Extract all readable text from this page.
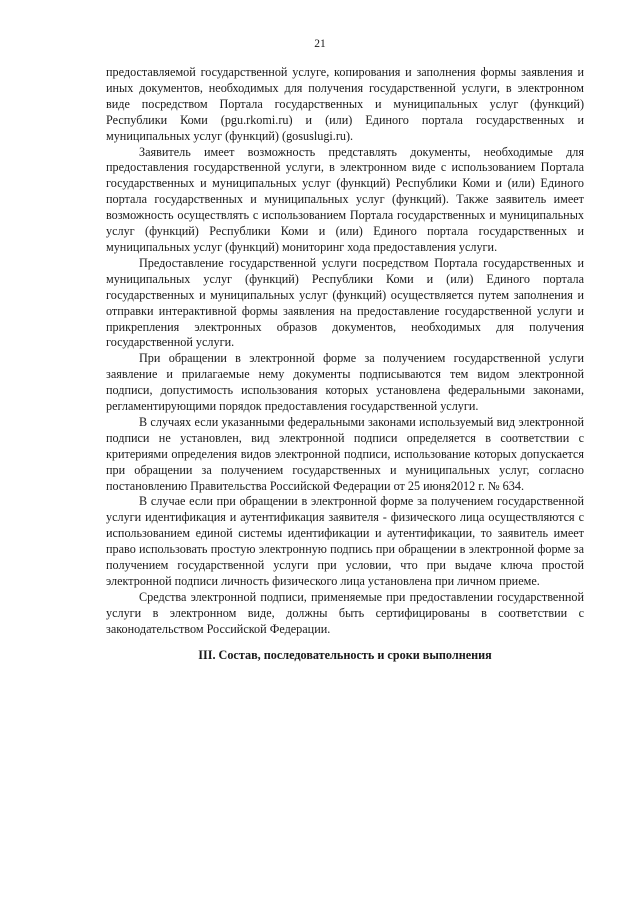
21

предоставляемой государственной услуге, копирования и заполнения формы заявления и иных документов, необходимых для получения государственной услуги, в электронном виде посредством Портала государственных и муниципальных услуг (функций) Республики Коми (pgu.rkomi.ru) и (или) Единого портала государственных и муниципальных услуг (функций) (gosuslugi.ru).

Заявитель имеет возможность представлять документы, необходимые для предоставления государственной услуги, в электронном виде с использованием Портала государственных и муниципальных услуг (функций) Республики Коми и (или) Единого портала государственных и муниципальных услуг (функций). Также заявитель имеет возможность осуществлять с использованием Портала государственных и муниципальных услуг (функций) Республики Коми и (или) Единого портала государственных и муниципальных услуг (функций) мониторинг хода предоставления услуги.

Предоставление государственной услуги посредством Портала государственных и муниципальных услуг (функций) Республики Коми и (или) Единого портала государственных и муниципальных услуг (функций) осуществляется путем заполнения и отправки интерактивной формы заявления на предоставление государственной услуги и прикрепления электронных образов документов, необходимых для получения государственной услуги.

При обращении в электронной форме за получением государственной услуги заявление и прилагаемые нему документы подписываются тем видом электронной подписи, допустимость использования которых установлена федеральными законами, регламентирующими порядок предоставления государственной услуги.

В случаях если указанными федеральными законами используемый вид электронной подписи не установлен, вид электронной подписи определяется в соответствии с критериями определения видов электронной подписи, использование которых допускается при обращении за получением государственных и муниципальных услуг, согласно постановлению Правительства Российской Федерации от 25 июня2012 г. № 634.

В случае если при обращении в электронной форме за получением государственной услуги идентификация и аутентификация заявителя - физического лица осуществляются с использованием единой системы идентификации и аутентификации, то заявитель имеет право использовать простую электронную подпись при обращении в электронной форме за получением государственной услуги при условии, что при выдаче ключа простой электронной подписи личность физического лица установлена при личном приеме.

Средства электронной подписи, применяемые при предоставлении государственной услуги в электронном виде, должны быть сертифицированы в соответствии с законодательством Российской Федерации.

III. Состав, последовательность и сроки выполнения
